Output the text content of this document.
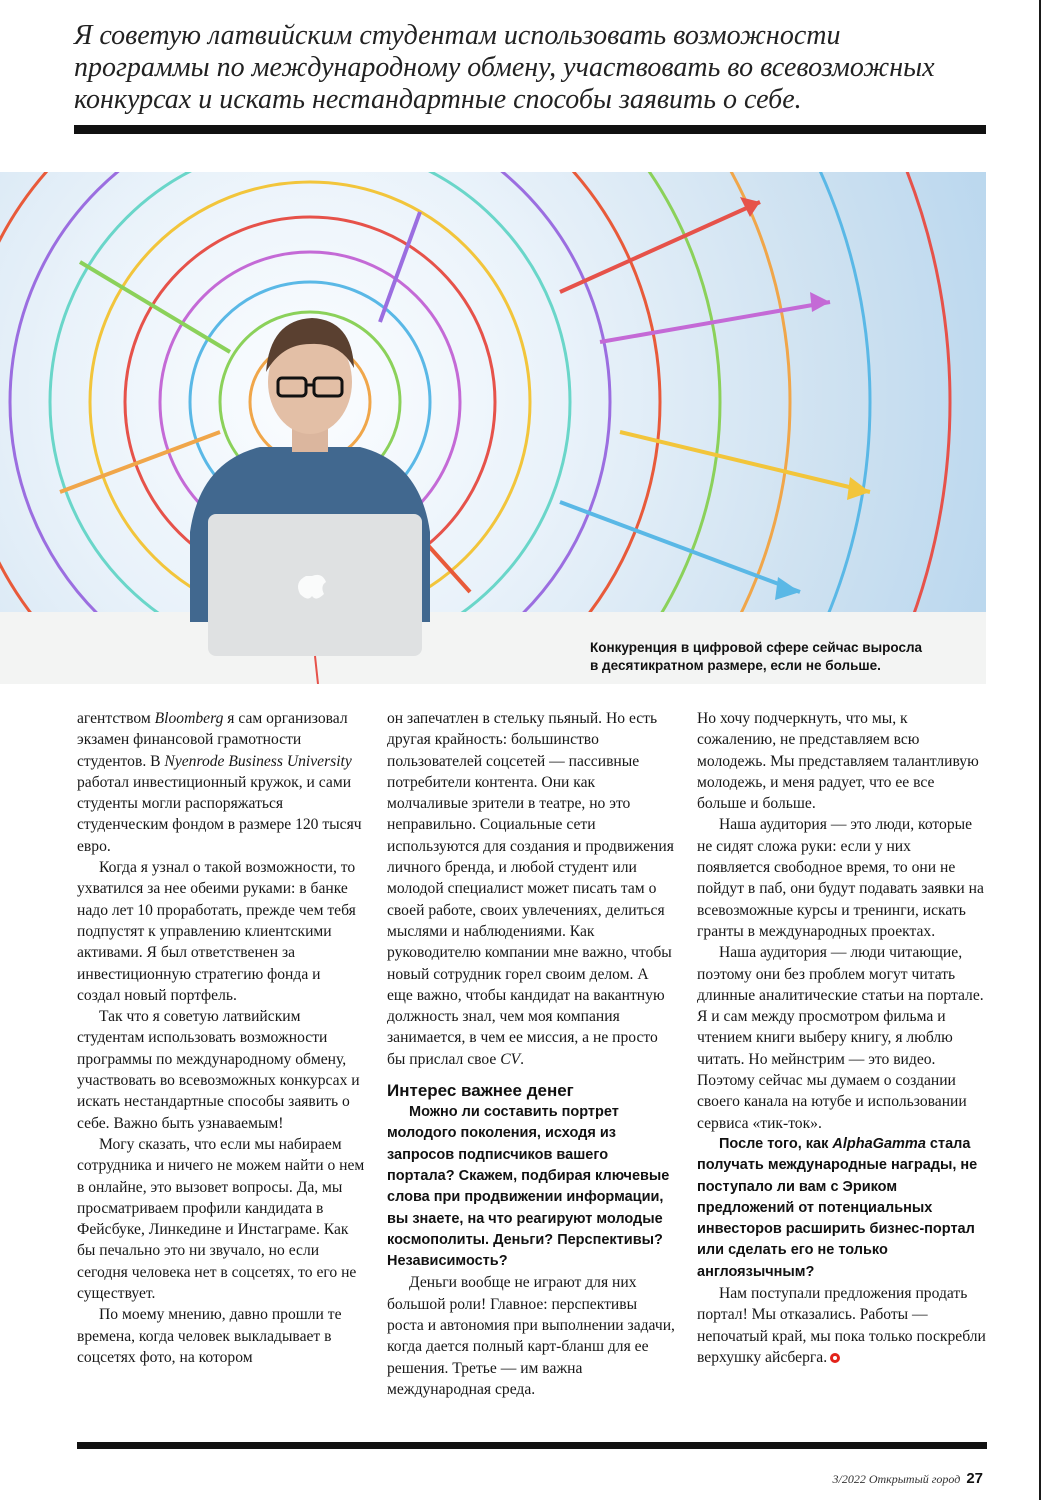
Я советую латвийским студентам использовать возможности программы по международному обмену, участвовать во всевозможных конкурсах и искать нестандартные способы заявить о себе.
Конкуренция в цифровой сфере сейчас выросла
в десятикратном размере, если не больше.

агентством Bloomberg я сам организовал экзамен финансовой грамотности студентов. В Nyenrode Business University работал инвестиционный кружок, и сами студенты могли распоряжаться студенческим фондом в размере 120 тысяч евро.

Когда я узнал о такой возможности, то ухватился за нее обеими руками: в банке надо лет 10 проработать, прежде чем тебя подпустят к управлению клиентскими активами. Я был ответственен за инвестиционную стратегию фонда и создал новый портфель.

Так что я советую латвийским студентам использовать возможности программы по международному обмену, участвовать во всевозможных конкурсах и искать нестандартные способы заявить о себе. Важно быть узнаваемым!

Могу сказать, что если мы набираем сотрудника и ничего не можем найти о нем в онлайне, это вызовет вопросы. Да, мы просматриваем профили кандидата в Фейсбуке, Линкедине и Инстаграме. Как бы печально это ни звучало, но если сегодня человека нет в соцсетях, то его не существует.

По моему мнению, давно прошли те времена, когда человек выкладывает в соцсетях фото, на котором

он запечатлен в стельку пьяный. Но есть другая крайность: большинство пользователей соцсетей — пассивные потребители контента. Они как молчаливые зрители в театре, но это неправильно. Социальные сети используются для создания и продвижения личного бренда, и любой студент или молодой специалист может писать там о своей работе, своих увлечениях, делиться мыслями и наблюдениями. Как руководителю компании мне важно, чтобы новый сотрудник горел своим делом. А еще важно, чтобы кандидат на вакантную должность знал, чем моя компания занимается, в чем ее миссия, а не просто бы прислал свое CV.

Интерес важнее денег

Можно ли составить портрет молодого поколения, исходя из запросов подписчиков вашего портала? Скажем, подбирая ключевые слова при продвижении информации, вы знаете, на что реагируют молодые космополиты. Деньги? Перспективы? Независимость?

Деньги вообще не играют для них большой роли! Главное: перспективы роста и автономия при выполнении задачи, когда дается полный карт-бланш для ее решения. Третье — им важна международная среда.

Но хочу подчеркнуть, что мы, к сожалению, не представляем всю молодежь. Мы представляем талантливую молодежь, и меня радует, что ее все больше и больше.

Наша аудитория — это люди, которые не сидят сложа руки: если у них появляется свободное время, то они не пойдут в паб, они будут подавать заявки на всевозможные курсы и тренинги, искать гранты в международных проектах.

Наша аудитория — люди читающие, поэтому они без проблем могут читать длинные аналитические статьи на портале. Я и сам между просмотром фильма и чтением книги выберу книгу, я люблю читать. Но мейнстрим — это видео. Поэтому сейчас мы думаем о создании своего канала на ютубе и использовании сервиса «тик-ток».

После того, как AlphaGamma стала получать международные награды, не поступало ли вам с Эриком предложений от потенциальных инвесторов расширить бизнес-портал или сделать его не только англоязычным?

Нам поступали предложения продать портал! Мы отказались. Работы — непочатый край, мы пока только поскребли верхушку айсберга.

3/2022 Открытый город 27
